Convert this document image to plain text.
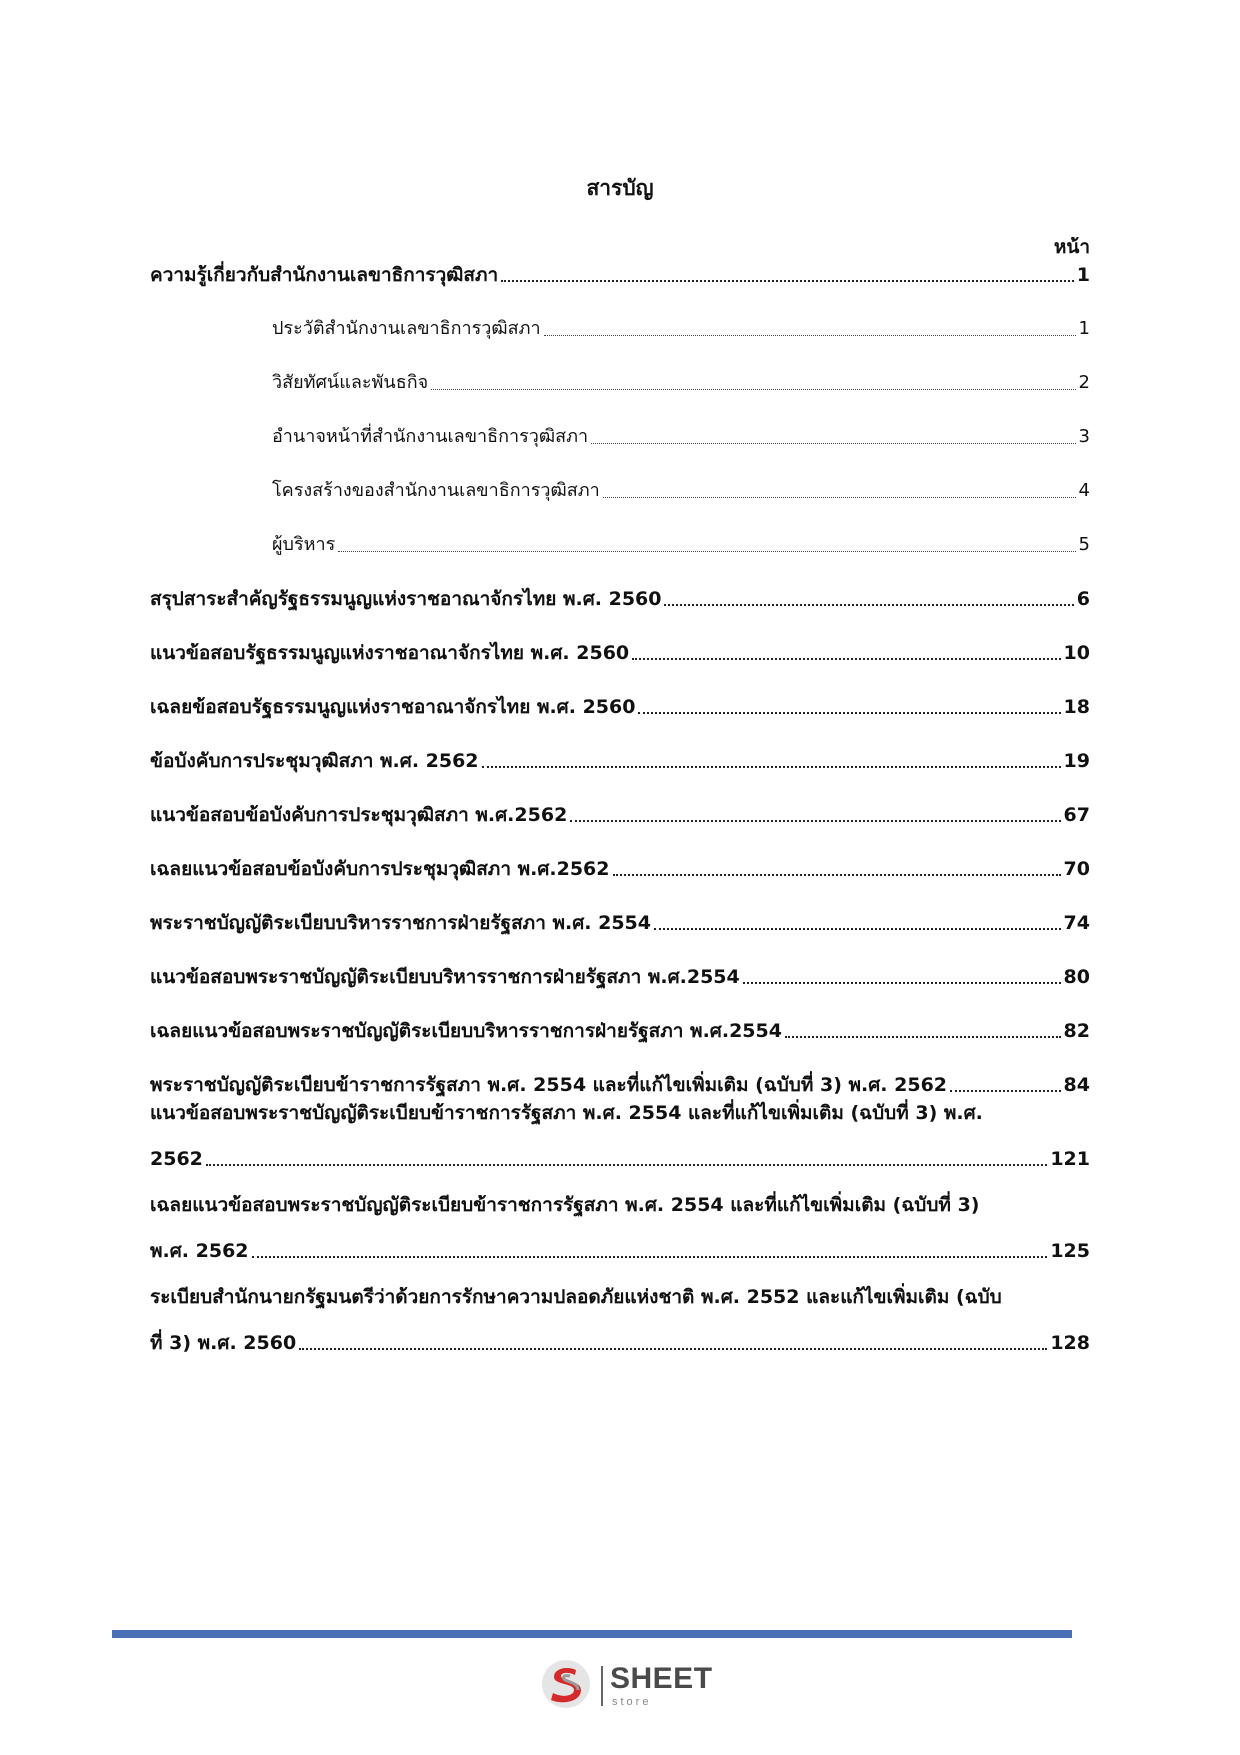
สารบัญ
หน้า
ความรู้เกี่ยวกับสำนักงานเลขาธิการวุฒิสภา	1
ประวัติสำนักงานเลขาธิการวุฒิสภา	1
วิสัยทัศน์และพันธกิจ	2
อำนาจหน้าที่สำนักงานเลขาธิการวุฒิสภา	3
โครงสร้างของสำนักงานเลขาธิการวุฒิสภา	4
ผู้บริหาร	5
สรุปสาระสำคัญรัฐธรรมนูญแห่งราชอาณาจักรไทย พ.ศ. 2560	6
แนวข้อสอบรัฐธรรมนูญแห่งราชอาณาจักรไทย พ.ศ. 2560	10
เฉลยข้อสอบรัฐธรรมนูญแห่งราชอาณาจักรไทย พ.ศ. 2560	18
ข้อบังคับการประชุมวุฒิสภา พ.ศ. 2562	19
แนวข้อสอบข้อบังคับการประชุมวุฒิสภา พ.ศ.2562	67
เฉลยแนวข้อสอบข้อบังคับการประชุมวุฒิสภา พ.ศ.2562	70
พระราชบัญญัติระเบียบบริหารราชการฝ่ายรัฐสภา พ.ศ. 2554	74
แนวข้อสอบพระราชบัญญัติระเบียบบริหารราชการฝ่ายรัฐสภา พ.ศ.2554	80
เฉลยแนวข้อสอบพระราชบัญญัติระเบียบบริหารราชการฝ่ายรัฐสภา พ.ศ.2554	82
พระราชบัญญัติระเบียบข้าราชการรัฐสภา พ.ศ. 2554 และที่แก้ไขเพิ่มเติม (ฉบับที่ 3) พ.ศ. 2562	84
แนวข้อสอบพระราชบัญญัติระเบียบข้าราชการรัฐสภา พ.ศ. 2554 และที่แก้ไขเพิ่มเติม (ฉบับที่ 3) พ.ศ.
2562	121
เฉลยแนวข้อสอบพระราชบัญญัติระเบียบข้าราชการรัฐสภา พ.ศ. 2554 และที่แก้ไขเพิ่มเติม (ฉบับที่ 3)
พ.ศ. 2562	125
ระเบียบสำนักนายกรัฐมนตรีว่าด้วยการรักษาความปลอดภัยแห่งชาติ พ.ศ. 2552 และแก้ไขเพิ่มเติม (ฉบับ
ที่ 3) พ.ศ. 2560	128
SHEET
store
